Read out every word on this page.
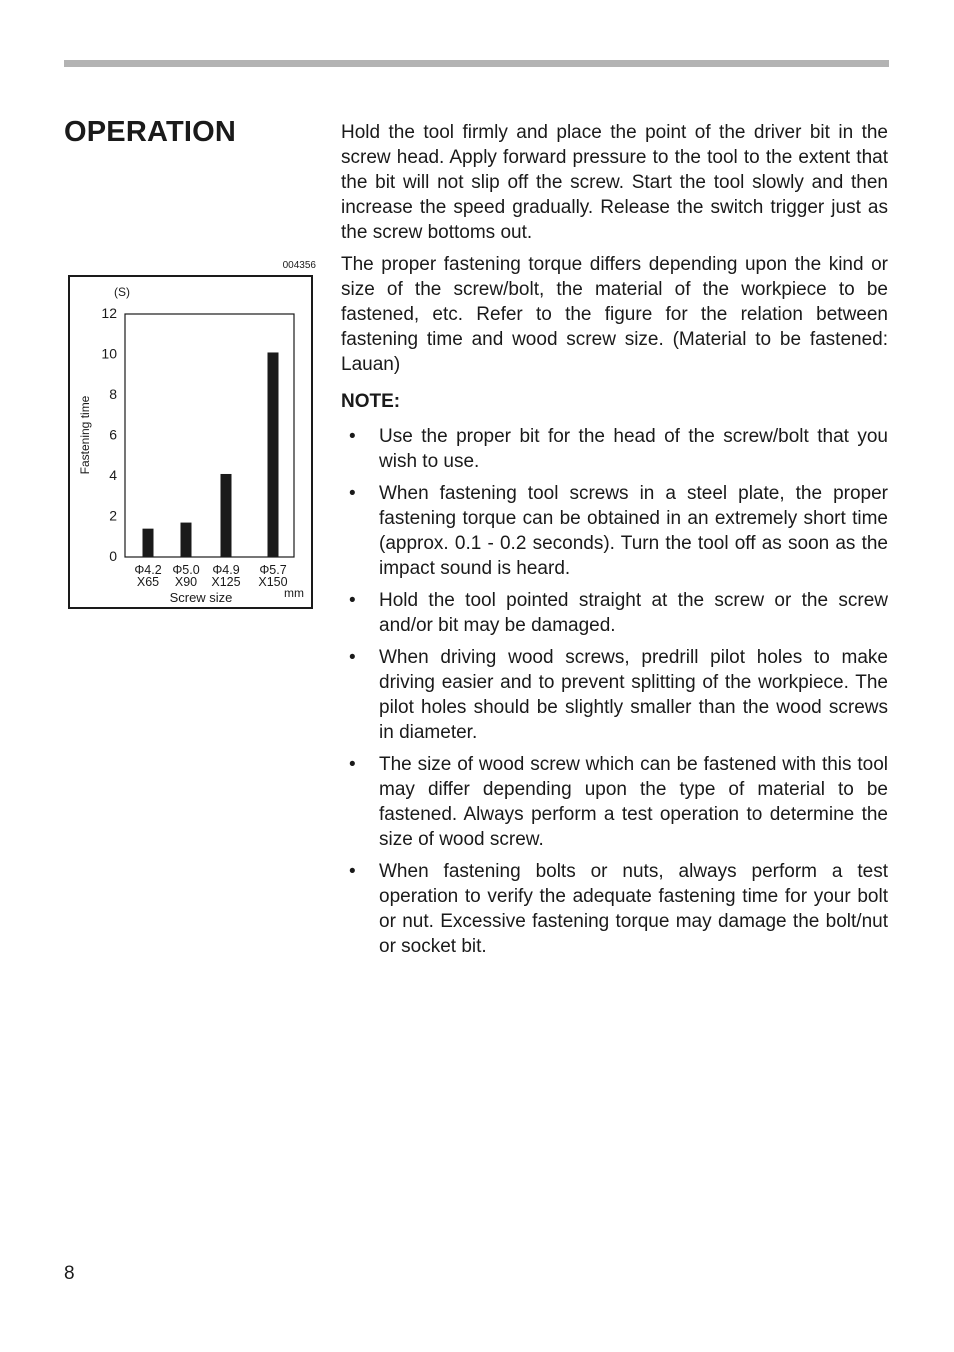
OPERATION
004356
0
2
4
6
8
10
12
Φ4.2
X65
Φ5.0
X90
Φ4.9
X125
Φ5.7
X150
(S)
Fastening time
Screw size	mm

Hold the tool firmly and place the point of the driver bit in the screw head. Apply forward pressure to the tool to the extent that the bit will not slip off the screw. Start the tool slowly and then increase the speed gradually. Release the switch trigger just as the screw bottoms out.

The proper fastening torque differs depending upon the kind or size of the screw/bolt, the material of the workpiece to be fastened, etc. Refer to the figure for the relation between fastening time and wood screw size. (Material to be fastened: Lauan)

NOTE:

• Use the proper bit for the head of the screw/bolt that you wish to use.
• When fastening tool screws in a steel plate, the proper fastening torque can be obtained in an extremely short time (approx. 0.1 - 0.2 seconds). Turn the tool off as soon as the impact sound is heard.
• Hold the tool pointed straight at the screw or the screw and/or bit may be damaged.
• When driving wood screws, predrill pilot holes to make driving easier and to prevent splitting of the workpiece. The pilot holes should be slightly smaller than the wood screws in diameter.
• The size of wood screw which can be fastened with this tool may differ depending upon the type of material to be fastened. Always perform a test operation to determine the size of wood screw.
• When fastening bolts or nuts, always perform a test operation to verify the adequate fastening time for your bolt or nut. Excessive fastening torque may damage the bolt/nut or socket bit.
8
